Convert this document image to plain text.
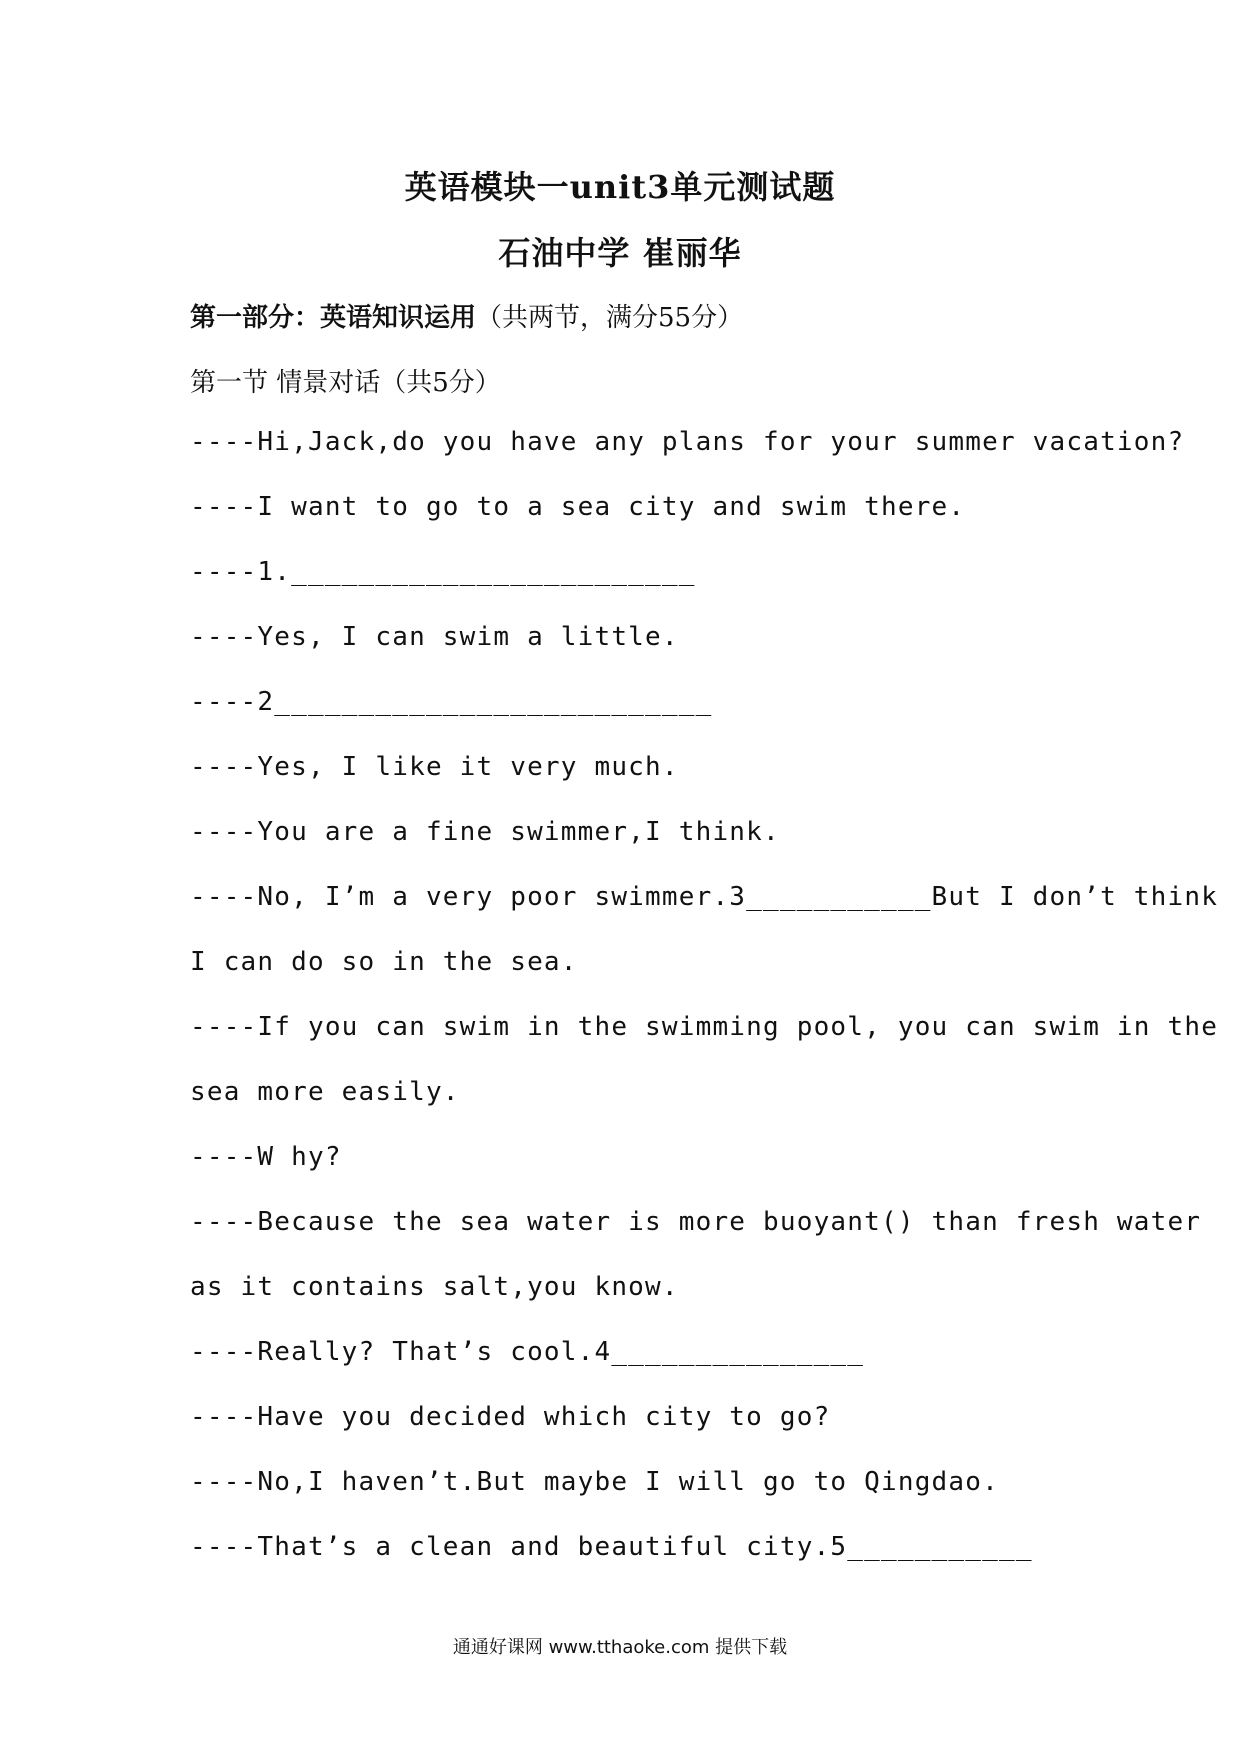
英语模块一unit3单元测试题
石油中学 崔丽华
第一部分：英语知识运用（共两节，满分55分）
第一节 情景对话（共5分）
----Hi,Jack,do you have any plans for your summer vacation?
----I want to go to a sea city and swim there.
----1.________________________
----Yes, I can swim a little.
----2__________________________
----Yes, I like it very much.
----You are a fine swimmer,I think.
----No, I’m a very poor swimmer.3___________But I don’t think
I can do so in the sea.
----If you can swim in the swimming pool, you can swim in the
sea more easily.
----W hy?
----Because the sea water is more buoyant() than fresh water
as it contains salt,you know.
----Really? That’s cool.4_______________
----Have you decided which city to go?
----No,I haven’t.But maybe I will go to Qingdao.
----That’s a clean and beautiful city.5___________
通通好课网 www.tthaoke.com 提供下载
